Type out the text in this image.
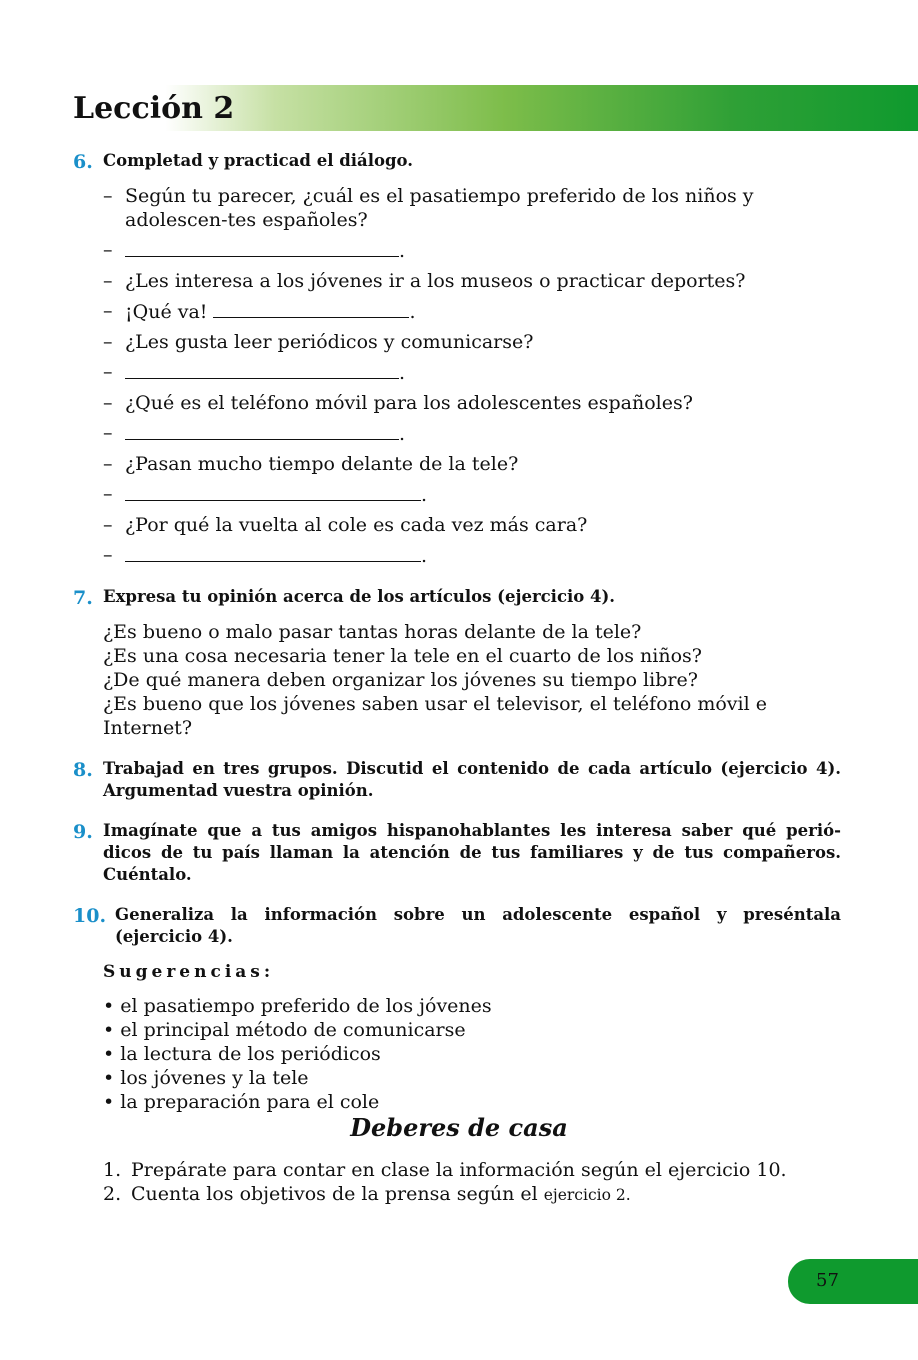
Lección 2
6. Completad y practicad el diálogo.
– Según tu parecer, ¿cuál es el pasatiempo preferido de los niños y adolescen-tes españoles?
– .
– ¿Les interesa a los jóvenes ir a los museos o practicar deportes?
– ¡Qué va!	.
– ¿Les gusta leer periódicos y comunicarse?
– .
– ¿Qué es el teléfono móvil para los adolescentes españoles?
– .
– ¿Pasan mucho tiempo delante de la tele?
– .
– ¿Por qué la vuelta al cole es cada vez más cara?
– .
7. Expresa tu opinión acerca de los artículos (ejercicio 4).
¿Es bueno o malo pasar tantas horas delante de la tele?
¿Es una cosa necesaria tener la tele en el cuarto de los niños?
¿De qué manera deben organizar los jóvenes su tiempo libre?
¿Es bueno que los jóvenes saben usar el televisor, el teléfono móvil e Internet?
8. Trabajad en tres grupos. Discutid el contenido de cada artículo (ejercicio 4). Argumentad vuestra opinión.
9. Imagínate que a tus amigos hispanohablantes les interesa saber qué perió-dicos de tu país llaman la atención de tus familiares y de tus compañeros. Cuéntalo.
10. Generaliza la información sobre un adolescente español y preséntala (ejercicio 4).
Sugerencias:
• el pasatiempo preferido de los jóvenes
• el principal método de comunicarse
• la lectura de los periódicos
• los jóvenes y la tele
• la preparación para el cole
Deberes de casa
1. Prepárate para contar en clase la información según el ejercicio 10.
2. Cuenta los objetivos de la prensa según el ejercicio 2.
57
